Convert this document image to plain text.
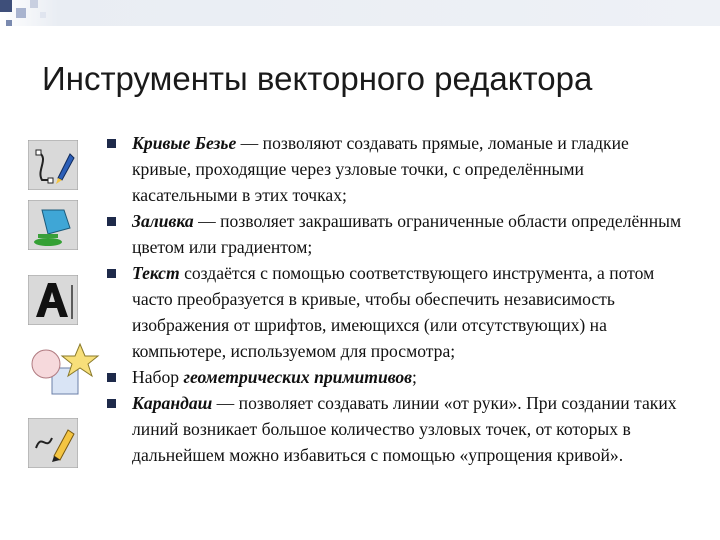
Инструменты векторного редактора
Кривые Безье — позволяют создавать прямые, ломаные и гладкие кривые, проходящие через узловые точки, с определёнными касательными в этих точках;
Заливка — позволяет закрашивать ограниченные области определённым цветом или градиентом;
Текст создаётся с помощью соответствующего инструмента, а потом часто преобразуется в кривые, чтобы обеспечить независимость изображения от шрифтов, имеющихся (или отсутствующих) на компьютере, используемом для просмотра;
Набор геометрических примитивов;
Карандаш — позволяет создавать линии «от руки». При создании таких линий возникает большое количество узловых точек, от которых в дальнейшем можно избавиться с помощью «упрощения кривой».
